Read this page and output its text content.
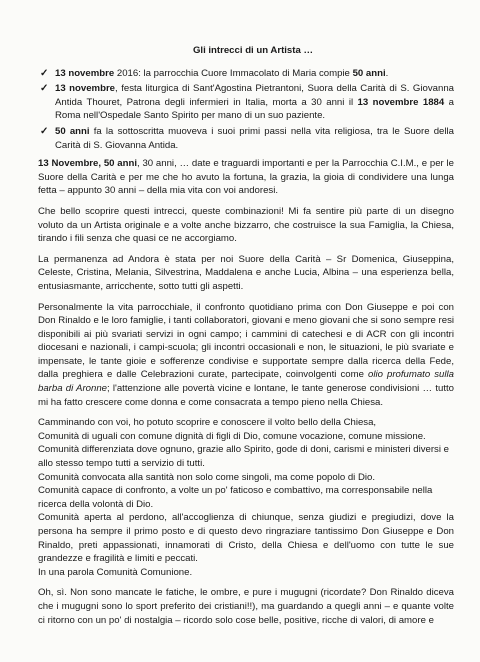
Gli intrecci di un Artista …
✓ 13 novembre 2016: la parrocchia Cuore Immacolato di Maria compie 50 anni.
✓ 13 novembre, festa liturgica di Sant'Agostina Pietrantoni, Suora della Carità di S. Giovanna Antida Thouret, Patrona degli infermieri in Italia, morta a 30 anni il 13 novembre 1884 a Roma nell'Ospedale Santo Spirito per mano di un suo paziente.
✓ 50 anni fa la sottoscritta muoveva i suoi primi passi nella vita religiosa, tra le Suore della Carità di S. Giovanna Antida.

13 Novembre, 50 anni, 30 anni, … date e traguardi importanti e per la Parrocchia C.I.M., e per le Suore della Carità e per me che ho avuto la fortuna, la grazia, la gioia di condividere una lunga fetta – appunto 30 anni – della mia vita con voi andoresi.

Che bello scoprire questi intrecci, queste combinazioni! Mi fa sentire più parte di un disegno voluto da un Artista originale e a volte anche bizzarro, che costruisce la sua Famiglia, la Chiesa, tirando i fili senza che quasi ce ne accorgiamo.

La permanenza ad Andora è stata per noi Suore della Carità – Sr Domenica, Giuseppina, Celeste, Cristina, Melania, Silvestrina, Maddalena e anche Lucia, Albina – una esperienza bella, entusiasmante, arricchente, sotto tutti gli aspetti.

Personalmente la vita parrocchiale, il confronto quotidiano prima con Don Giuseppe e poi con Don Rinaldo e le loro famiglie, i tanti collaboratori, giovani e meno giovani che si sono sempre resi disponibili ai più svariati servizi in ogni campo; i cammini di catechesi e di ACR con gli incontri diocesani e nazionali, i campi-scuola; gli incontri occasionali e non, le situazioni, le più svariate e impensate, le tante gioie e sofferenze condivise e supportate sempre dalla ricerca della Fede, dalla preghiera e dalle Celebrazioni curate, partecipate, coinvolgenti come olio profumato sulla barba di Aronne; l'attenzione alle povertà vicine e lontane, le tante generose condivisioni … tutto mi ha fatto crescere come donna e come consacrata a tempo pieno nella Chiesa.

Camminando con voi, ho potuto scoprire e conoscere il volto bello della Chiesa,
Comunità di uguali con comune dignità di figli di Dio, comune vocazione, comune missione.
Comunità differenziata dove ognuno, grazie allo Spirito, gode di doni, carismi e ministeri diversi e allo stesso tempo tutti a servizio di tutti.
Comunità convocata alla santità non solo come singoli, ma come popolo di Dio.
Comunità capace di confronto, a volte un po' faticoso e combattivo, ma corresponsabile nella ricerca della volontà di Dio.
Comunità aperta al perdono, all'accoglienza di chiunque, senza giudizi e pregiudizi, dove la persona ha sempre il primo posto e di questo devo ringraziare tantissimo Don Giuseppe e Don Rinaldo, preti appassionati, innamorati di Cristo, della Chiesa e dell'uomo con tutte le sue grandezze e fragilità e limiti e peccati.
In una parola Comunità Comunione.

Oh, sì. Non sono mancate le fatiche, le ombre, e pure i mugugni (ricordate? Don Rinaldo diceva che i mugugni sono lo sport preferito dei cristiani!!), ma guardando a quegli anni – e quante volte ci ritorno con un po' di nostalgia – ricordo solo cose belle, positive, ricche di valori, di amore e
